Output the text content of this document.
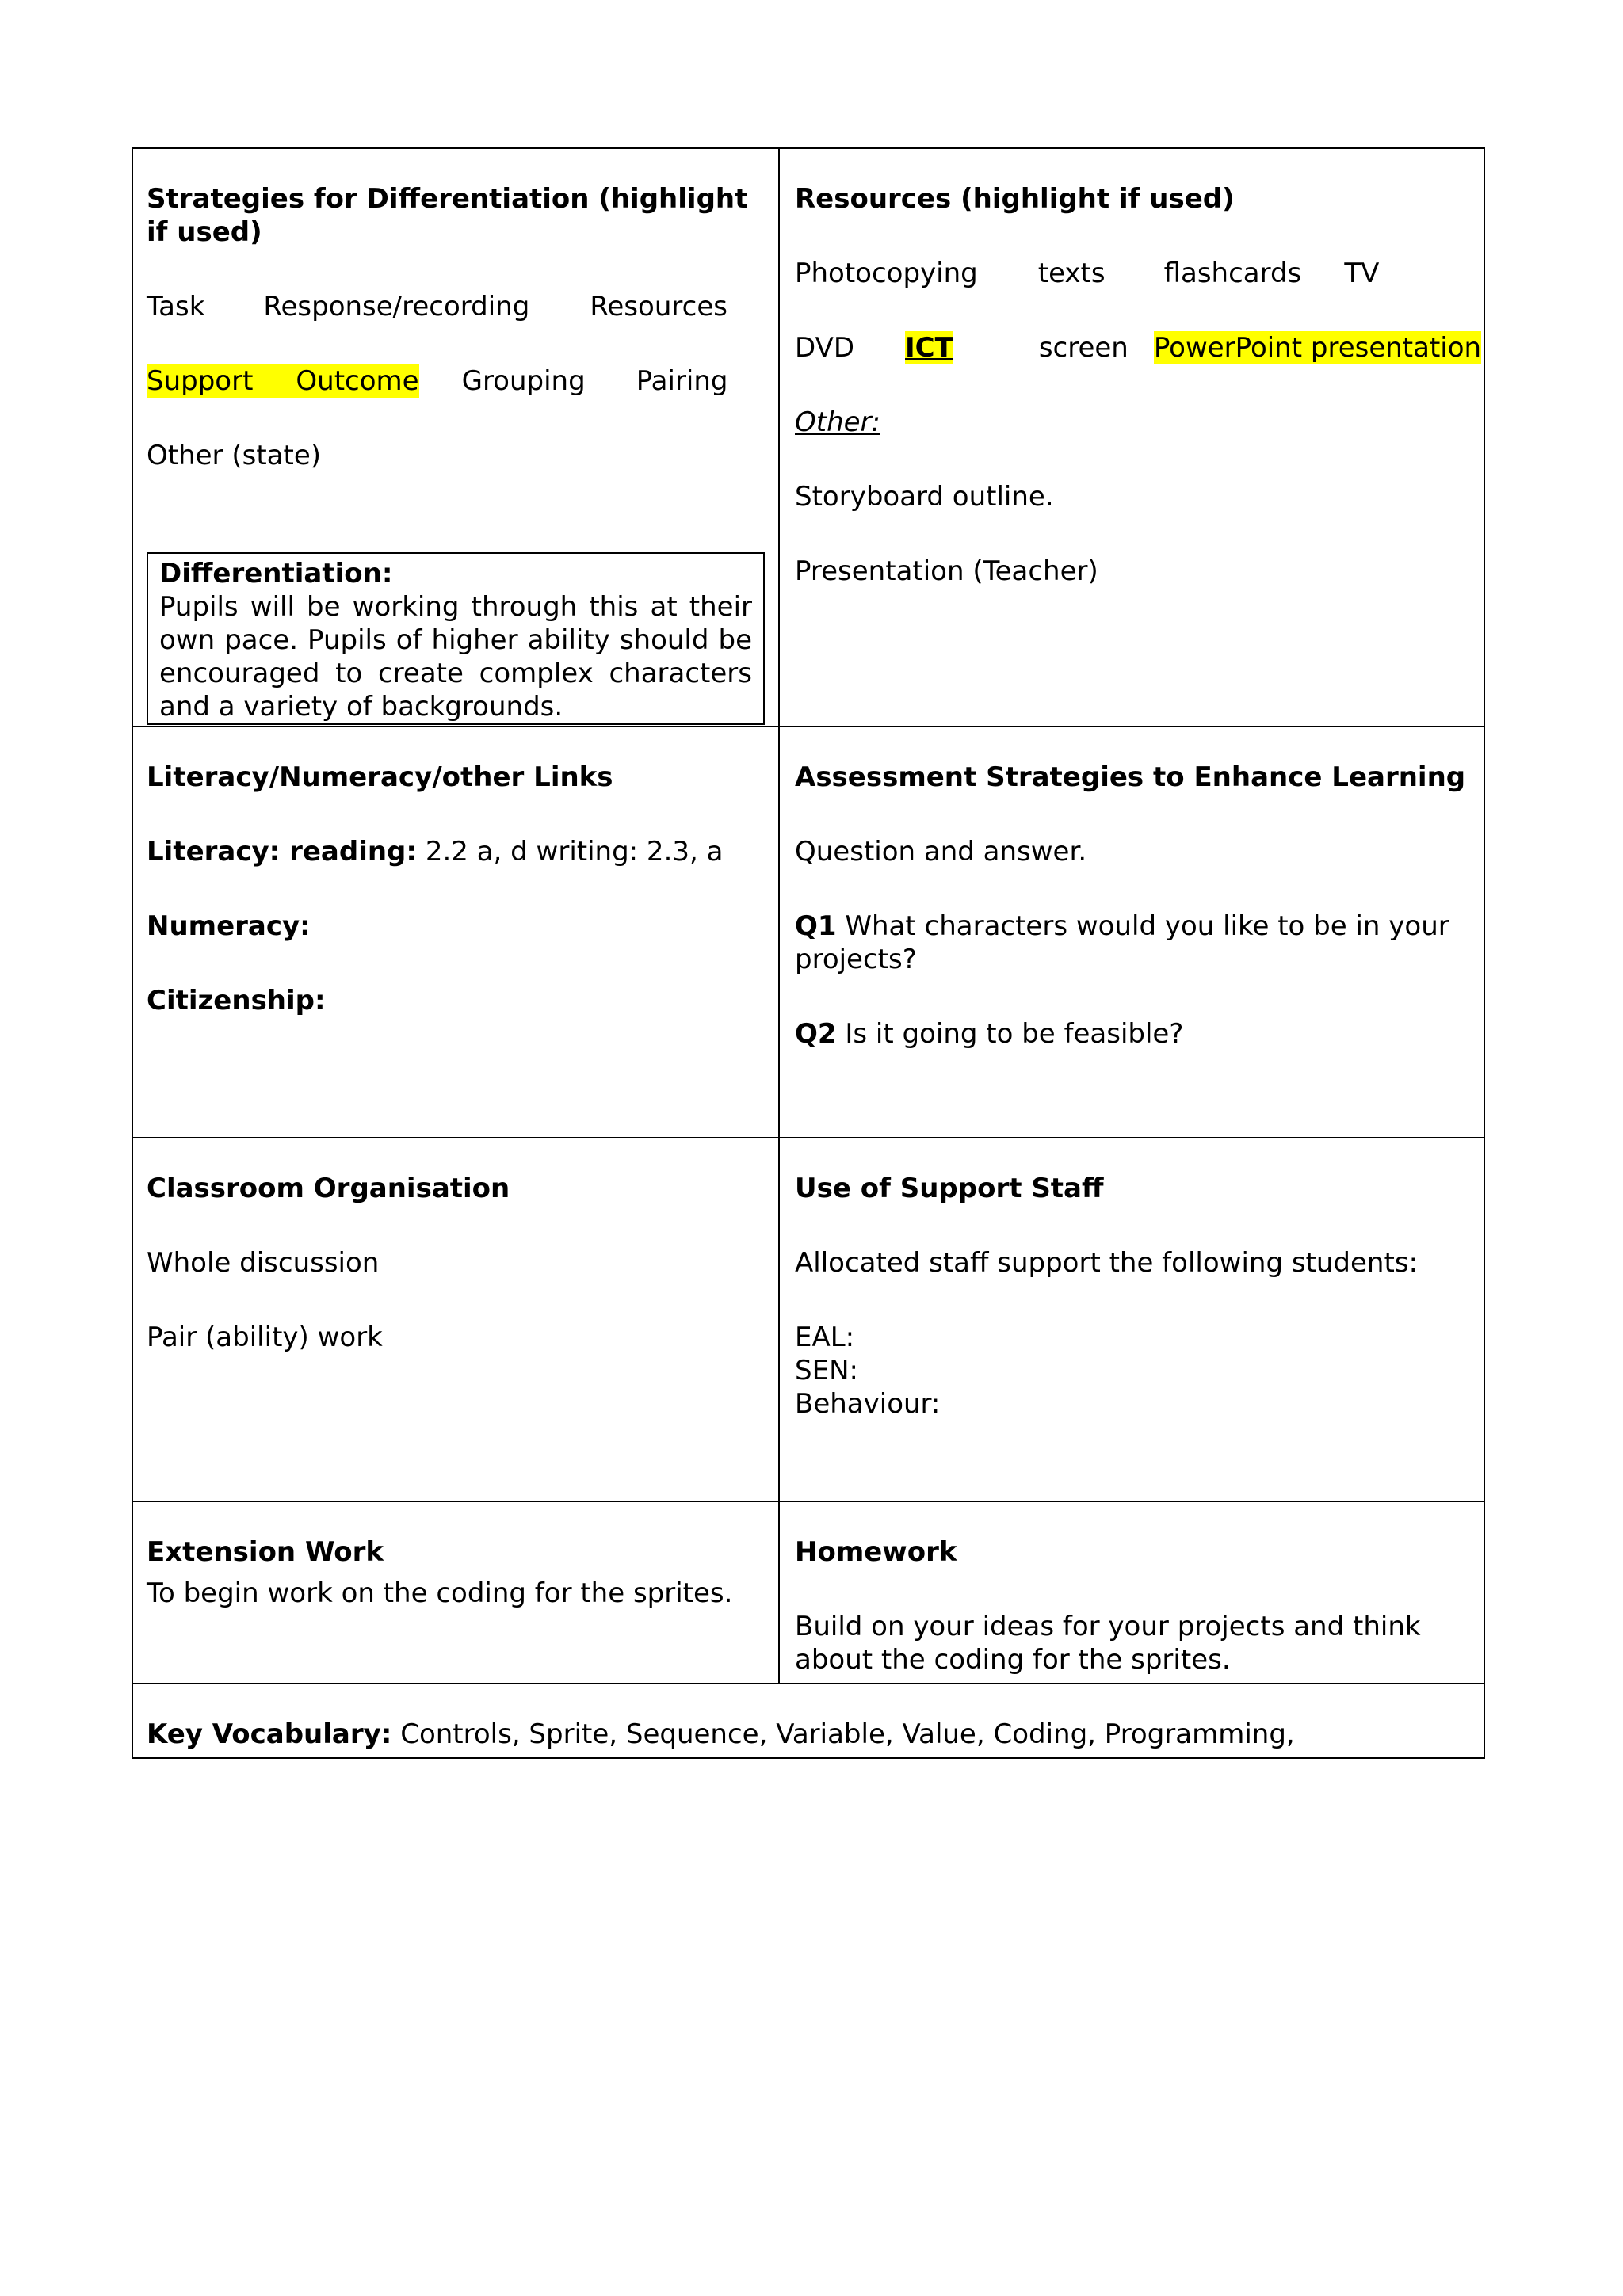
Strategies for Differentiation (highlight if used)

Task Response/recording Resources
Support Outcome Grouping Pairing

Other (state)

Differentiation:
Pupils will be working through this at their own pace. Pupils of higher ability should be encouraged to create complex characters and a variety of backgrounds.

Resources (highlight if used)

Photocopying texts flashcards TV
DVD ICT	screen PowerPoint presentation

Other:

Storyboard outline.

Presentation (Teacher)

Literacy/Numeracy/other Links

Literacy: reading: 2.2 a, d writing: 2.3, a

Numeracy:

Citizenship:

Assessment Strategies to Enhance Learning

Question and answer.

Q1 What characters would you like to be in your projects?

Q2 Is it going to be feasible?

Classroom Organisation

Whole discussion

Pair (ability) work

Use of Support Staff

Allocated staff support the following students:

EAL:

SEN:

Behaviour:

Extension Work

To begin work on the coding for the sprites.

Homework

Build on your ideas for your projects and think about the coding for the sprites.

Key Vocabulary: Controls, Sprite, Sequence, Variable, Value, Coding, Programming,
